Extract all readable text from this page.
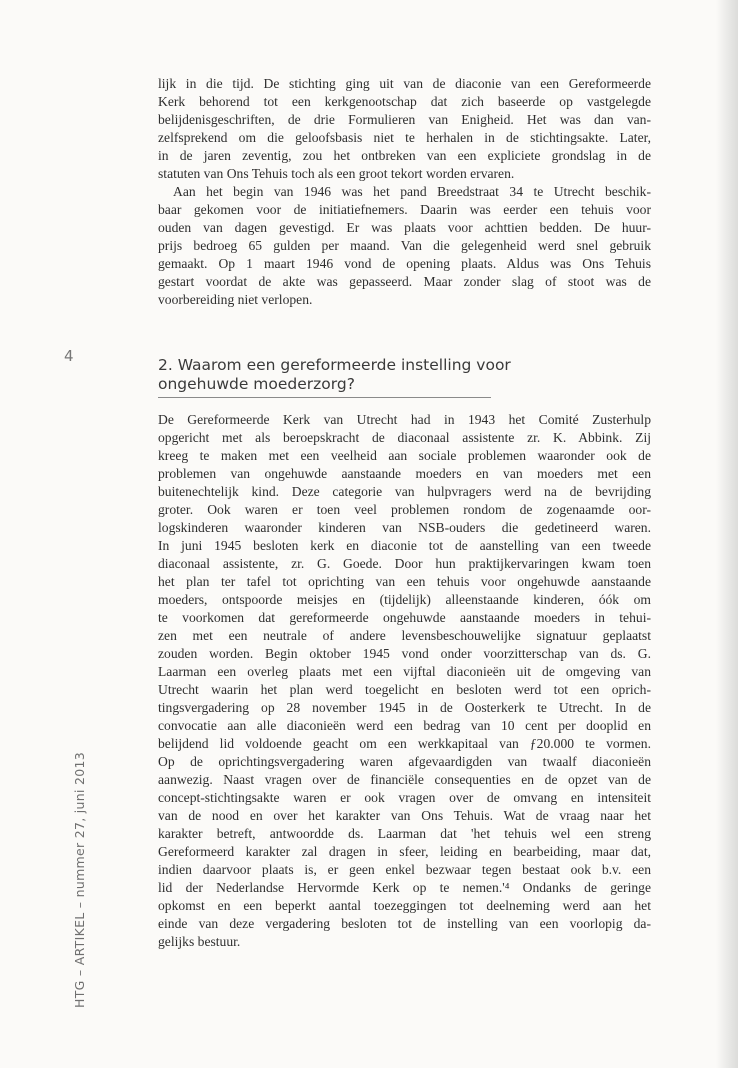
lijk in die tijd. De stichting ging uit van de diaconie van een Gereformeerde
Kerk behorend tot een kerkgenootschap dat zich baseerde op vastgelegde
belijdenisgeschriften, de drie Formulieren van Enigheid. Het was dan van-
zelfsprekend om die geloofsbasis niet te herhalen in de stichtingsakte. Later,
in de jaren zeventig, zou het ontbreken van een expliciete grondslag in de
statuten van Ons Tehuis toch als een groot tekort worden ervaren.
Aan het begin van 1946 was het pand Breedstraat 34 te Utrecht beschik-
baar gekomen voor de initiatiefnemers. Daarin was eerder een tehuis voor
ouden van dagen gevestigd. Er was plaats voor achttien bedden. De huur-
prijs bedroeg 65 gulden per maand. Van die gelegenheid werd snel gebruik
gemaakt. Op 1 maart 1946 vond de opening plaats. Aldus was Ons Tehuis
gestart voordat de akte was gepasseerd. Maar zonder slag of stoot was de
voorbereiding niet verlopen.
4	2. Waarom een gereformeerde instelling voor
ongehuwde moederzorg?
De Gereformeerde Kerk van Utrecht had in 1943 het Comité Zusterhulp
opgericht met als beroepskracht de diaconaal assistente zr. K. Abbink. Zij
kreeg te maken met een veelheid aan sociale problemen waaronder ook de
problemen van ongehuwde aanstaande moeders en van moeders met een
buitenechtelijk kind. Deze categorie van hulpvragers werd na de bevrijding
groter. Ook waren er toen veel problemen rondom de zogenaamde oor-
logskinderen waaronder kinderen van NSB-ouders die gedetineerd waren.
In juni 1945 besloten kerk en diaconie tot de aanstelling van een tweede
diaconaal assistente, zr. G. Goede. Door hun praktijkervaringen kwam toen
het plan ter tafel tot oprichting van een tehuis voor ongehuwde aanstaande
moeders, ontspoorde meisjes en (tijdelijk) alleenstaande kinderen, óók om
te voorkomen dat gereformeerde ongehuwde aanstaande moeders in tehui-
zen met een neutrale of andere levensbeschouwelijke signatuur geplaatst
zouden worden. Begin oktober 1945 vond onder voorzitterschap van ds. G.
Laarman een overleg plaats met een vijftal diaconieën uit de omgeving van
Utrecht waarin het plan werd toegelicht en besloten werd tot een oprich-
tingsvergadering op 28 november 1945 in de Oosterkerk te Utrecht. In de
convocatie aan alle diaconieën werd een bedrag van 10 cent per dooplid en
belijdend lid voldoende geacht om een werkkapitaal van ƒ20.000 te vormen.
Op de oprichtingsvergadering waren afgevaardigden van twaalf diaconieën
aanwezig. Naast vragen over de financiële consequenties en de opzet van de
concept-stichtingsakte waren er ook vragen over de omvang en intensiteit
van de nood en over het karakter van Ons Tehuis. Wat de vraag naar het
karakter betreft, antwoordde ds. Laarman dat 'het tehuis wel een streng
Gereformeerd karakter zal dragen in sfeer, leiding en bearbeiding, maar dat,
indien daarvoor plaats is, er geen enkel bezwaar tegen bestaat ook b.v. een
lid der Nederlandse Hervormde Kerk op te nemen.'⁴ Ondanks de geringe
opkomst en een beperkt aantal toezeggingen tot deelneming werd aan het
einde van deze vergadering besloten tot de instelling van een voorlopig da-
gelijks bestuur.
HTG – ARTIKEL – nummer 27, juni 2013
